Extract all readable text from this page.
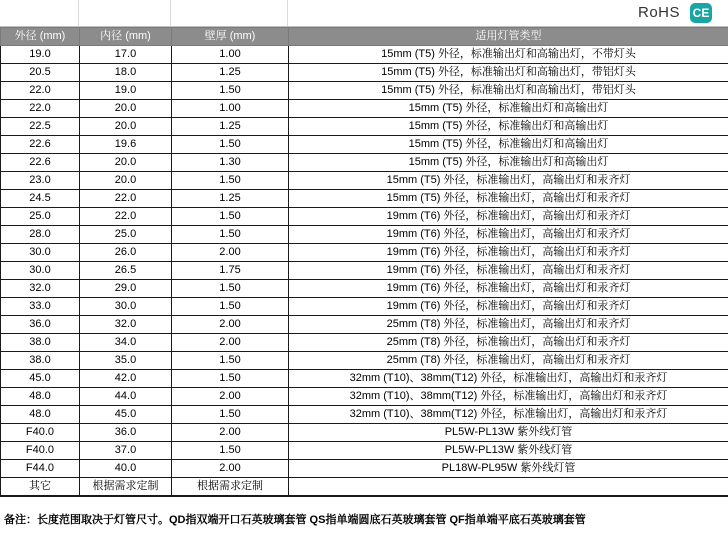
RoHS CE
外径 (mm)	内径 (mm)	壁厚 (mm)	适用灯管类型
19.0	17.0	1.00	15mm (T5) 外径，标准输出灯和高输出灯，不带灯头
20.5	18.0	1.25	15mm (T5) 外径，标准输出灯和高输出灯，带铝灯头
22.0	19.0	1.50	15mm (T5) 外径，标准输出灯和高输出灯，带铝灯头
22.0	20.0	1.00	15mm (T5) 外径，标准输出灯和高输出灯
22.5	20.0	1.25	15mm (T5) 外径，标准输出灯和高输出灯
22.6	19.6	1.50	15mm (T5) 外径，标准输出灯和高输出灯
22.6	20.0	1.30	15mm (T5) 外径，标准输出灯和高输出灯
23.0	20.0	1.50	15mm (T5) 外径，标准输出灯，高输出灯和汞齐灯
24.5	22.0	1.25	15mm (T5) 外径，标准输出灯，高输出灯和汞齐灯
25.0	22.0	1.50	19mm (T6) 外径，标准输出灯，高输出灯和汞齐灯
28.0	25.0	1.50	19mm (T6) 外径，标准输出灯，高输出灯和汞齐灯
30.0	26.0	2.00	19mm (T6) 外径，标准输出灯，高输出灯和汞齐灯
30.0	26.5	1.75	19mm (T6) 外径，标准输出灯，高输出灯和汞齐灯
32.0	29.0	1.50	19mm (T6) 外径，标准输出灯，高输出灯和汞齐灯
33.0	30.0	1.50	19mm (T6) 外径，标准输出灯，高输出灯和汞齐灯
36.0	32.0	2.00	25mm (T8) 外径，标准输出灯，高输出灯和汞齐灯
38.0	34.0	2.00	25mm (T8) 外径，标准输出灯，高输出灯和汞齐灯
38.0	35.0	1.50	25mm (T8) 外径，标准输出灯，高输出灯和汞齐灯
45.0	42.0	1.50	32mm (T10)、38mm(T12) 外径，标准输出灯，高输出灯和汞齐灯
48.0	44.0	2.00	32mm (T10)、38mm(T12) 外径，标准输出灯，高输出灯和汞齐灯
48.0	45.0	1.50	32mm (T10)、38mm(T12) 外径，标准输出灯，高输出灯和汞齐灯
F40.0	36.0	2.00	PL5W-PL13W 紫外线灯管
F40.0	37.0	1.50	PL5W-PL13W 紫外线灯管
F44.0	40.0	2.00	PL18W-PL95W 紫外线灯管
其它	根据需求定制	根据需求定制	
备注：长度范围取决于灯管尺寸。QD指双端开口石英玻璃套管 QS指单端圆底石英玻璃套管 QF指单端平底石英玻璃套管
